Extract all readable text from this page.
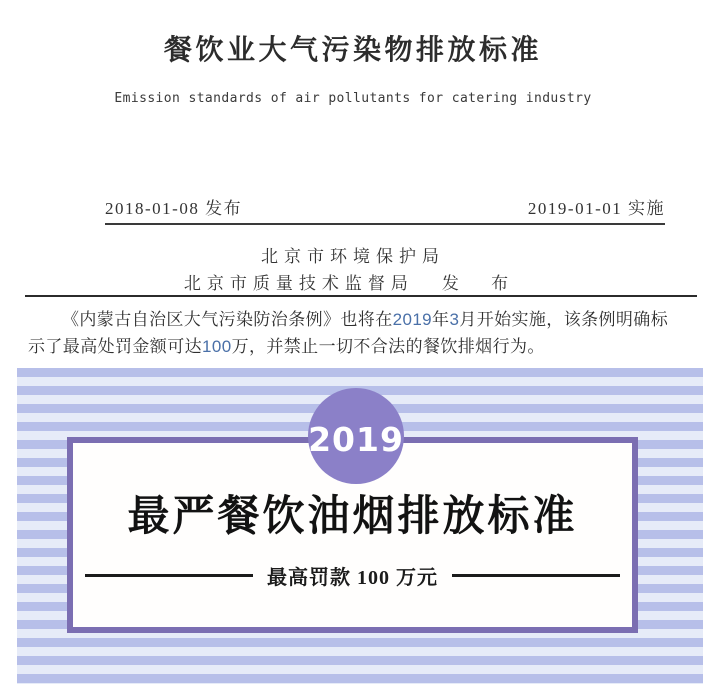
餐饮业大气污染物排放标准
Emission standards of air pollutants for catering industry
2018-01-08 发布	2019-01-01 实施
北京市环境保护局
北京市质量技术监督局 发 布

《内蒙古自治区大气污染防治条例》也将在2019年3月开始实施，该条例明确标示了最高处罚金额可达100万，并禁止一切不合法的餐饮排烟行为。

2019
最严餐饮油烟排放标准
最高罚款 100 万元
